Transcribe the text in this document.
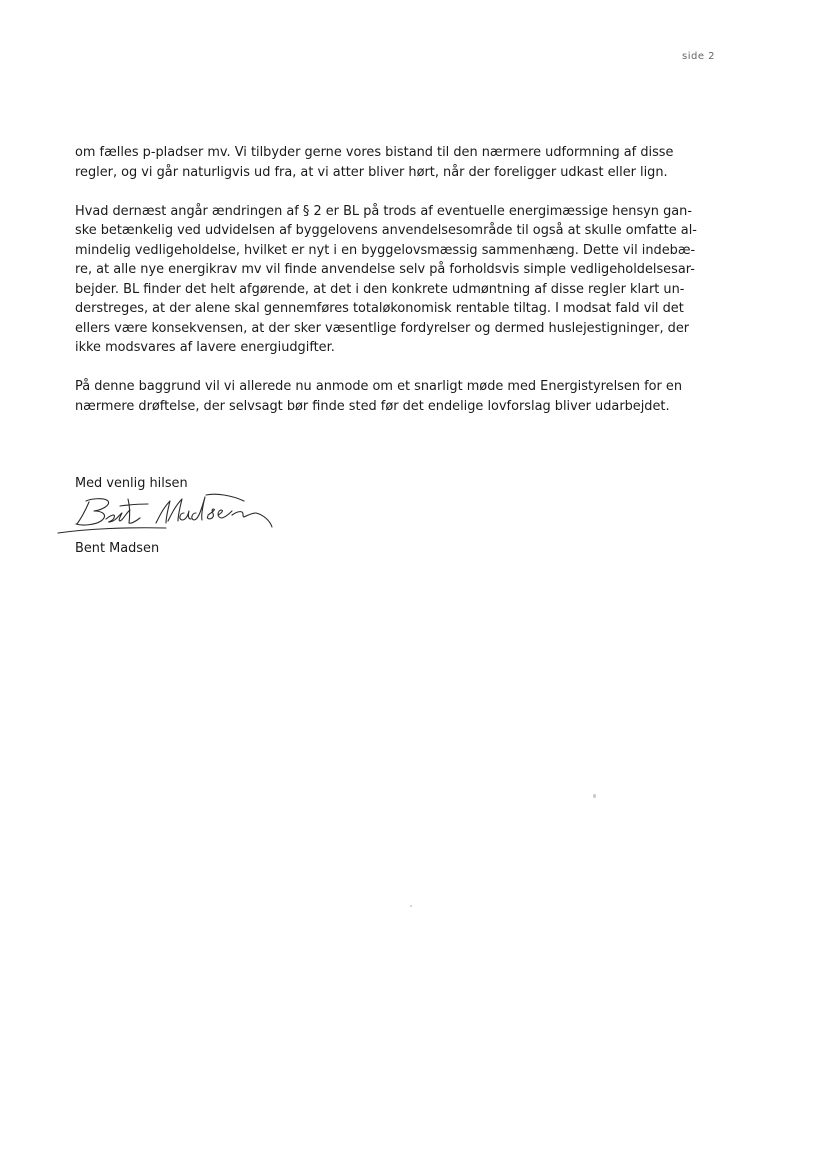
side 2

om fælles p-pladser mv. Vi tilbyder gerne vores bistand til den nærmere udformning af disse
regler, og vi går naturligvis ud fra, at vi atter bliver hørt, når der foreligger udkast eller lign.

Hvad dernæst angår ændringen af § 2 er BL på trods af eventuelle energimæssige hensyn gan-
ske betænkelig ved udvidelsen af byggelovens anvendelsesområde til også at skulle omfatte al-
mindelig vedligeholdelse, hvilket er nyt i en byggelovsmæssig sammenhæng. Dette vil indebæ-
re, at alle nye energikrav mv vil finde anvendelse selv på forholdsvis simple vedligeholdelsesar-
bejder. BL finder det helt afgørende, at det i den konkrete udmøntning af disse regler klart un-
derstreges, at der alene skal gennemføres totaløkonomisk rentable tiltag. I modsat fald vil det
ellers være konsekvensen, at der sker væsentlige fordyrelser og dermed huslejestigninger, der
ikke modsvares af lavere energiudgifter.

På denne baggrund vil vi allerede nu anmode om et snarligt møde med Energistyrelsen for en
nærmere drøftelse, der selvsagt bør finde sted før det endelige lovforslag bliver udarbejdet.

Med venlig hilsen
Bent Madsen
